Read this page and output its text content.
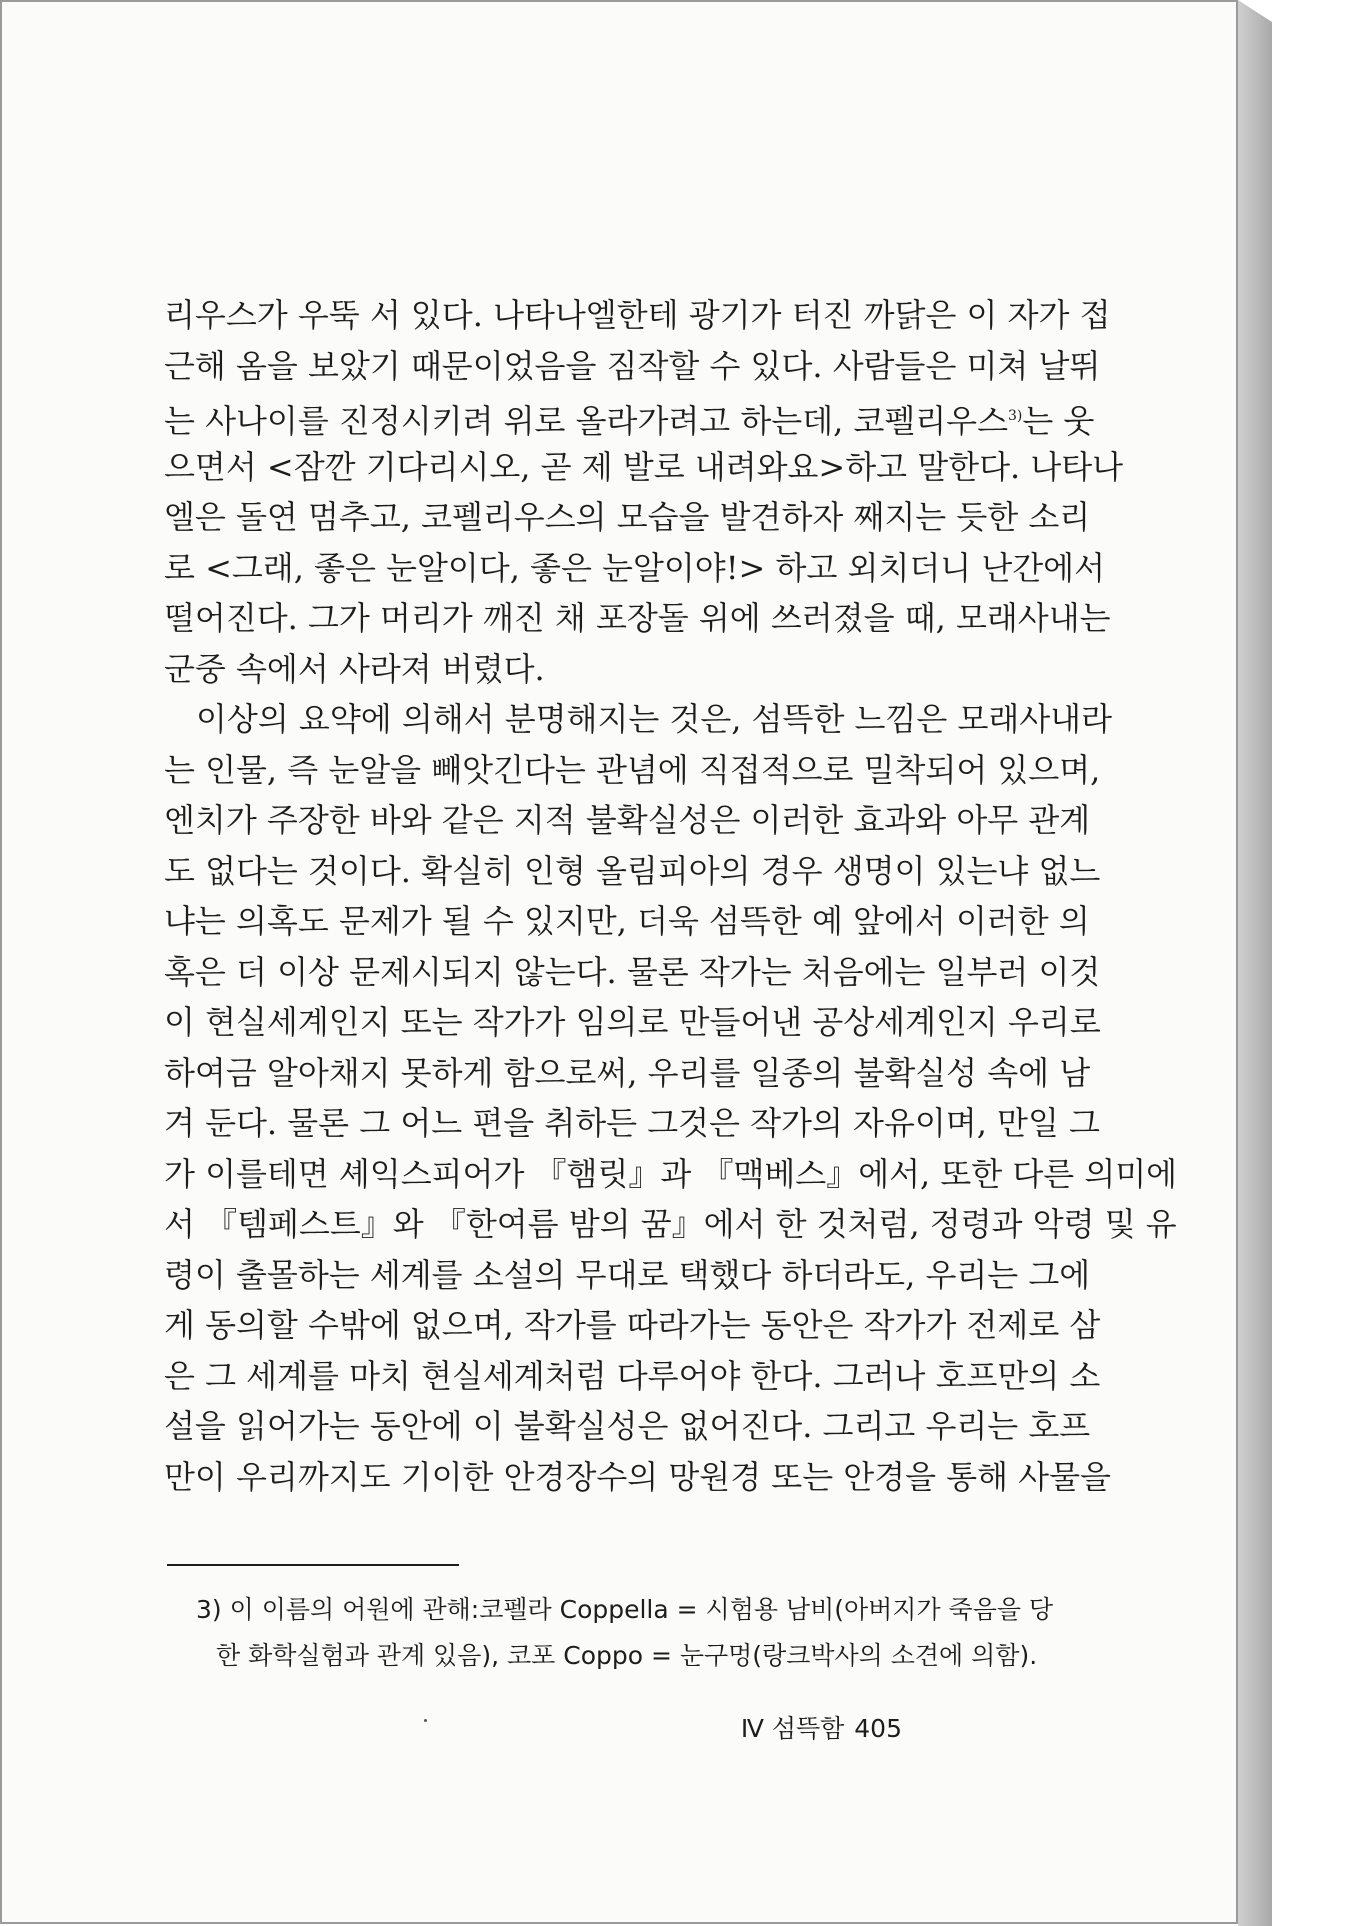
리우스가 우뚝 서 있다. 나타나엘한테 광기가 터진 까닭은 이 자가 접
근해 옴을 보았기 때문이었음을 짐작할 수 있다. 사람들은 미쳐 날뛰
는 사나이를 진정시키려 위로 올라가려고 하는데, 코펠리우스$^{3)}$는 웃
으면서 <잠깐 기다리시오, 곧 제 발로 내려와요>하고 말한다. 나타나
엘은 돌연 멈추고, 코펠리우스의 모습을 발견하자 째지는 듯한 소리
로 <그래, 좋은 눈알이다, 좋은 눈알이야!> 하고 외치더니 난간에서
떨어진다. 그가 머리가 깨진 채 포장돌 위에 쓰러졌을 때, 모래사내는
군중 속에서 사라져 버렸다.
이상의 요약에 의해서 분명해지는 것은, 섬뜩한 느낌은 모래사내라
는 인물, 즉 눈알을 빼앗긴다는 관념에 직접적으로 밀착되어 있으며,
엔치가 주장한 바와 같은 지적 불확실성은 이러한 효과와 아무 관계
도 없다는 것이다. 확실히 인형 올림피아의 경우 생명이 있는냐 없느
냐는 의혹도 문제가 될 수 있지만, 더욱 섬뜩한 예 앞에서 이러한 의
혹은 더 이상 문제시되지 않는다. 물론 작가는 처음에는 일부러 이것
이 현실세계인지 또는 작가가 임의로 만들어낸 공상세계인지 우리로
하여금 알아채지 못하게 함으로써, 우리를 일종의 불확실성 속에 남
겨 둔다. 물론 그 어느 편을 취하든 그것은 작가의 자유이며, 만일 그
가 이를테면 셰익스피어가 『햄릿』과 『맥베스』에서, 또한 다른 의미에
서 『템페스트』와 『한여름 밤의 꿈』에서 한 것처럼, 정령과 악령 및 유
령이 출몰하는 세계를 소설의 무대로 택했다 하더라도, 우리는 그에
게 동의할 수밖에 없으며, 작가를 따라가는 동안은 작가가 전제로 삼
은 그 세계를 마치 현실세계처럼 다루어야 한다. 그러나 호프만의 소
설을 읽어가는 동안에 이 불확실성은 없어진다. 그리고 우리는 호프
만이 우리까지도 기이한 안경장수의 망원경 또는 안경을 통해 사물을
3) 이 이름의 어원에 관해:코펠라 Coppella = 시험용 남비(아버지가 죽음을 당
한 화학실험과 관계 있음), 코포 Coppo = 눈구멍(랑크박사의 소견에 의함).
Ⅳ 섬뜩함 405
